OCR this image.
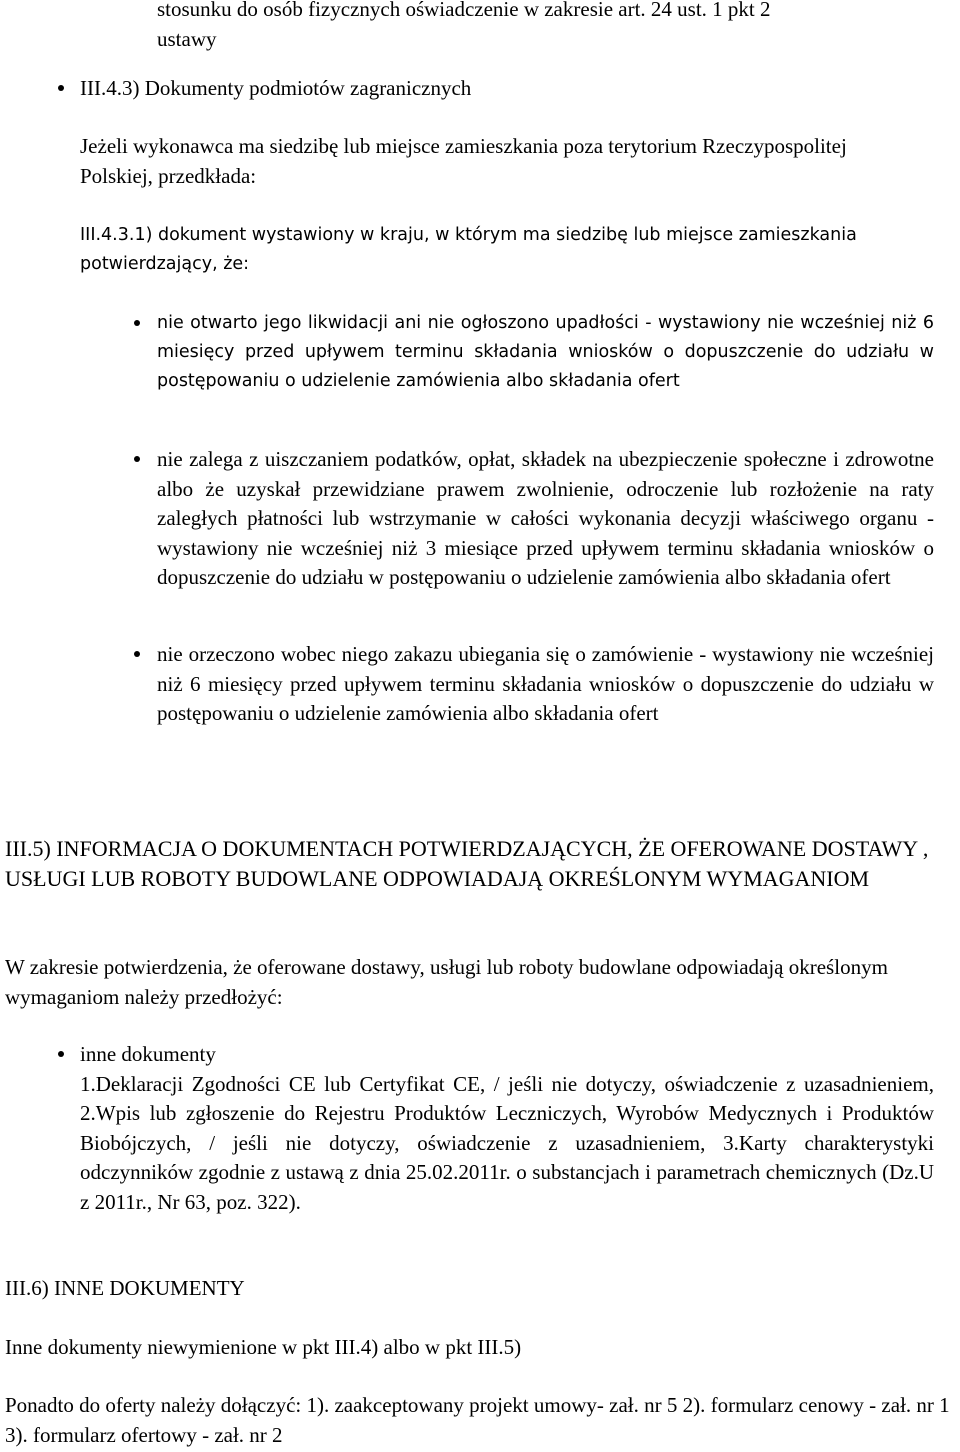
stosunku do osób fizycznych oświadczenie w zakresie art. 24 ust. 1 pkt 2 ustawy

III.4.3) Dokumenty podmiotów zagranicznych

Jeżeli wykonawca ma siedzibę lub miejsce zamieszkania poza terytorium Rzeczypospolitej Polskiej, przedkłada:

III.4.3.1) dokument wystawiony w kraju, w którym ma siedzibę lub miejsce zamieszkania potwierdzający, że:

nie otwarto jego likwidacji ani nie ogłoszono upadłości - wystawiony nie wcześniej niż 6 miesięcy przed upływem terminu składania wniosków o dopuszczenie do udziału w postępowaniu o udzielenie zamówienia albo składania ofert

nie zalega z uiszczaniem podatków, opłat, składek na ubezpieczenie społeczne i zdrowotne albo że uzyskał przewidziane prawem zwolnienie, odroczenie lub rozłożenie na raty zaległych płatności lub wstrzymanie w całości wykonania decyzji właściwego organu - wystawiony nie wcześniej niż 3 miesiące przed upływem terminu składania wniosków o dopuszczenie do udziału w postępowaniu o udzielenie zamówienia albo składania ofert

nie orzeczono wobec niego zakazu ubiegania się o zamówienie - wystawiony nie wcześniej niż 6 miesięcy przed upływem terminu składania wniosków o dopuszczenie do udziału w postępowaniu o udzielenie zamówienia albo składania ofert

III.5) INFORMACJA O DOKUMENTACH POTWIERDZAJĄCYCH, ŻE OFEROWANE DOSTAWY , USŁUGI LUB ROBOTY BUDOWLANE ODPOWIADAJĄ OKREŚLONYM WYMAGANIOM

W zakresie potwierdzenia, że oferowane dostawy, usługi lub roboty budowlane odpowiadają określonym wymaganiom należy przedłożyć:

inne dokumenty

1.Deklaracji Zgodności CE lub Certyfikat CE, / jeśli nie dotyczy, oświadczenie z uzasadnieniem, 2.Wpis lub zgłoszenie do Rejestru Produktów Leczniczych, Wyrobów Medycznych i Produktów Biobójczych, / jeśli nie dotyczy, oświadczenie z uzasadnieniem, 3.Karty charakterystyki odczynników zgodnie z ustawą z dnia 25.02.2011r. o substancjach i parametrach chemicznych (Dz.U z 2011r., Nr 63, poz. 322).

III.6) INNE DOKUMENTY

Inne dokumenty niewymienione w pkt III.4) albo w pkt III.5)

Ponadto do oferty należy dołączyć: 1). zaakceptowany projekt umowy- zał. nr 5 2). formularz cenowy - zał. nr 1 3). formularz ofertowy - zał. nr 2
